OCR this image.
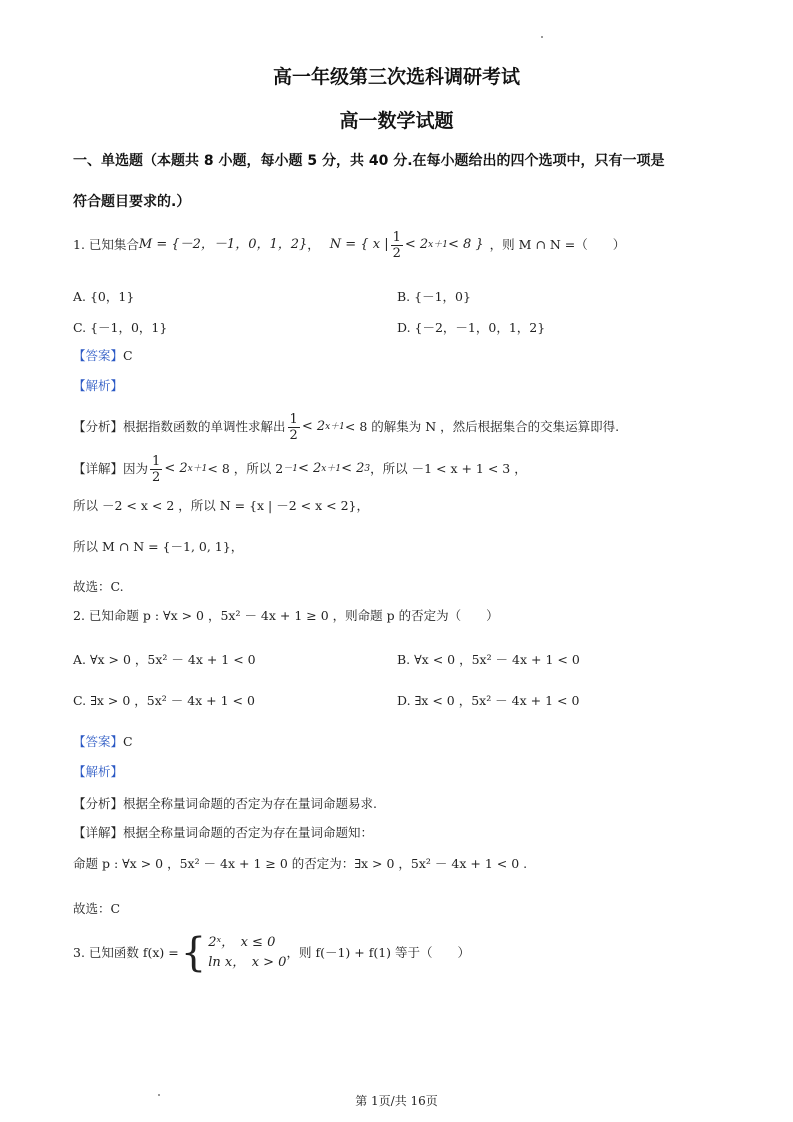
高一年级第三次选科调研考试
高一数学试题
一、单选题（本题共 8 小题，每小题 5 分，共 40 分.在每小题给出的四个选项中，只有一项是
符合题目要求的.）
1. 已知集合 M = {－2，－1，0，1，2} ， N = { x | $\frac{1}{2} < 2$ x＋1 < 8 } ，则 M ∩ N =（　　）
A. {0，1}	B. {－1，0}
C. {－1，0，1}	D. {－2，－1，0，1，2}
【答案】C
【解析】
【分析】 根据指数函数的单调性求解出 $\frac{1}{2} < 2$ x＋1 < 8 的解集为 N ，然后根据集合的交集运算即得.
【详解】 因为 $\frac{1}{2} < 2$ x＋1 < 8 ，所以 2 －1 < 2 x＋1 < 2 3 ，所以 －1 < x + 1 < 3 ，
所以 －2 < x < 2 ，所以 N = {x | －2 < x < 2}，
所以 M ∩ N = {－1, 0, 1}，
故选：C.
2. 已知命题 p : ∀x > 0 ，5x² － 4x + 1 ≥ 0 ，则命题 p 的否定为（　　）
A. ∀x > 0 ，5x² － 4x + 1 < 0	B. ∀x < 0 ，5x² － 4x + 1 < 0
C. ∃x > 0 ，5x² － 4x + 1 < 0	D. ∃x < 0 ，5x² － 4x + 1 < 0
【答案】C
【解析】
【分析】根据全称量词命题的否定为存在量词命题易求.
【详解】根据全称量词命题的否定为存在量词命题知：
命题 p : ∀x > 0 ，5x² － 4x + 1 ≥ 0 的否定为：∃x > 0 ，5x² － 4x + 1 < 0 .
故选：C
3. 已知函数 f(x) = { 2ˣ，　x ≤ 0
ln x，　x > 0
，则 f(－1) + f(1) 等于（　　）
第 1页/共 16页
